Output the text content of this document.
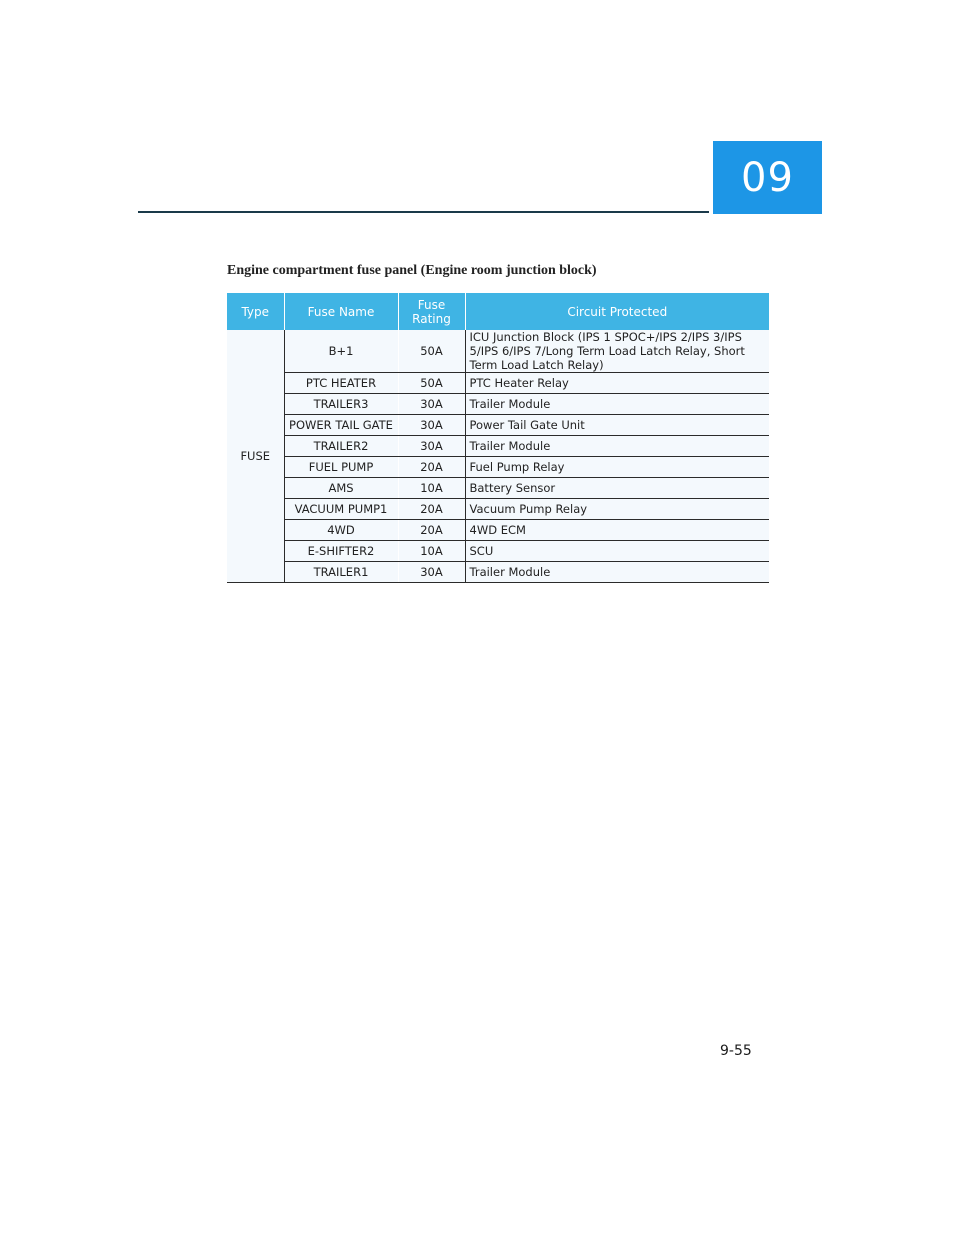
09
Engine compartment fuse panel (Engine room junction block)
Type	Fuse Name	Fuse Rating	Circuit Protected
FUSE	B+1	50A	ICU Junction Block (IPS 1 SPOC+/IPS 2/IPS 3/IPS 5/IPS 6/IPS 7/Long Term Load Latch Relay, Short Term Load Latch Relay)
	PTC HEATER	50A	PTC Heater Relay
	TRAILER3	30A	Trailer Module
	POWER TAIL GATE	30A	Power Tail Gate Unit
	TRAILER2	30A	Trailer Module
	FUEL PUMP	20A	Fuel Pump Relay
	AMS	10A	Battery Sensor
	VACUUM PUMP1	20A	Vacuum Pump Relay
	4WD	20A	4WD ECM
	E-SHIFTER2	10A	SCU
	TRAILER1	30A	Trailer Module
9-55
